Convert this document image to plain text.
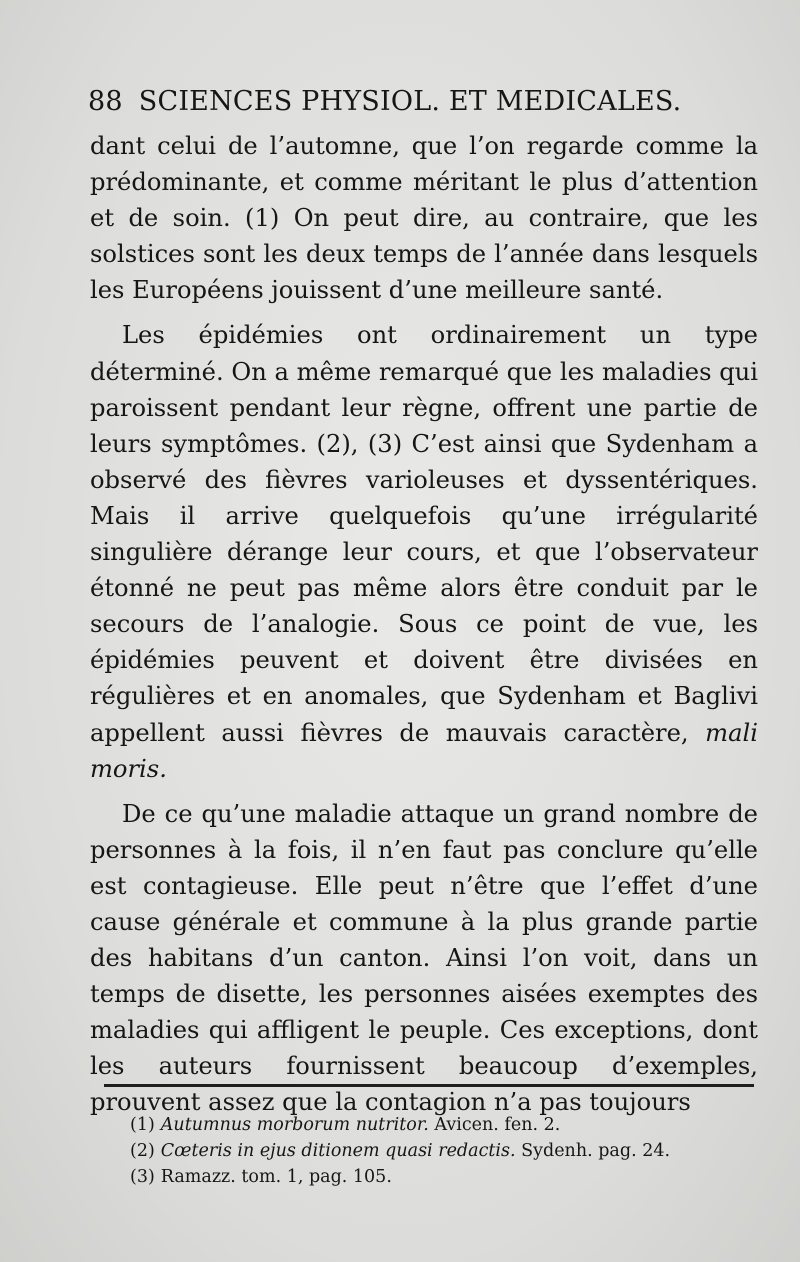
88 SCIENCES PHYSIOL. ET MEDICALES.

dant celui de l’automne, que l’on regarde comme la prédominante, et comme méritant le plus d’attention et de soin. (1) On peut dire, au contraire, que les solstices sont les deux temps de l’année dans lesquels les Européens jouissent d’une meilleure santé.

Les épidémies ont ordinairement un type déterminé. On a même remarqué que les maladies qui paroissent pendant leur règne, offrent une partie de leurs symptômes. (2), (3) C’est ainsi que Sydenham a observé des fièvres varioleuses et dyssentériques. Mais il arrive quelquefois qu’une irrégularité singulière dérange leur cours, et que l’observateur étonné ne peut pas même alors être conduit par le secours de l’analogie. Sous ce point de vue, les épidémies peuvent et doivent être divisées en régulières et en anomales, que Sydenham et Baglivi appellent aussi fièvres de mauvais caractère, mali moris.

De ce qu’une maladie attaque un grand nombre de personnes à la fois, il n’en faut pas conclure qu’elle est contagieuse. Elle peut n’être que l’effet d’une cause générale et commune à la plus grande partie des habitans d’un canton. Ainsi l’on voit, dans un temps de disette, les personnes aisées exemptes des maladies qui affligent le peuple. Ces exceptions, dont les auteurs fournissent beaucoup d’exemples, prouvent assez que la contagion n’a pas toujours

(1) Autumnus morborum nutritor. Avicen. fen. 2.
(2) Cœteris in ejus ditionem quasi redactis. Sydenh. pag. 24.
(3) Ramazz. tom. 1, pag. 105.
